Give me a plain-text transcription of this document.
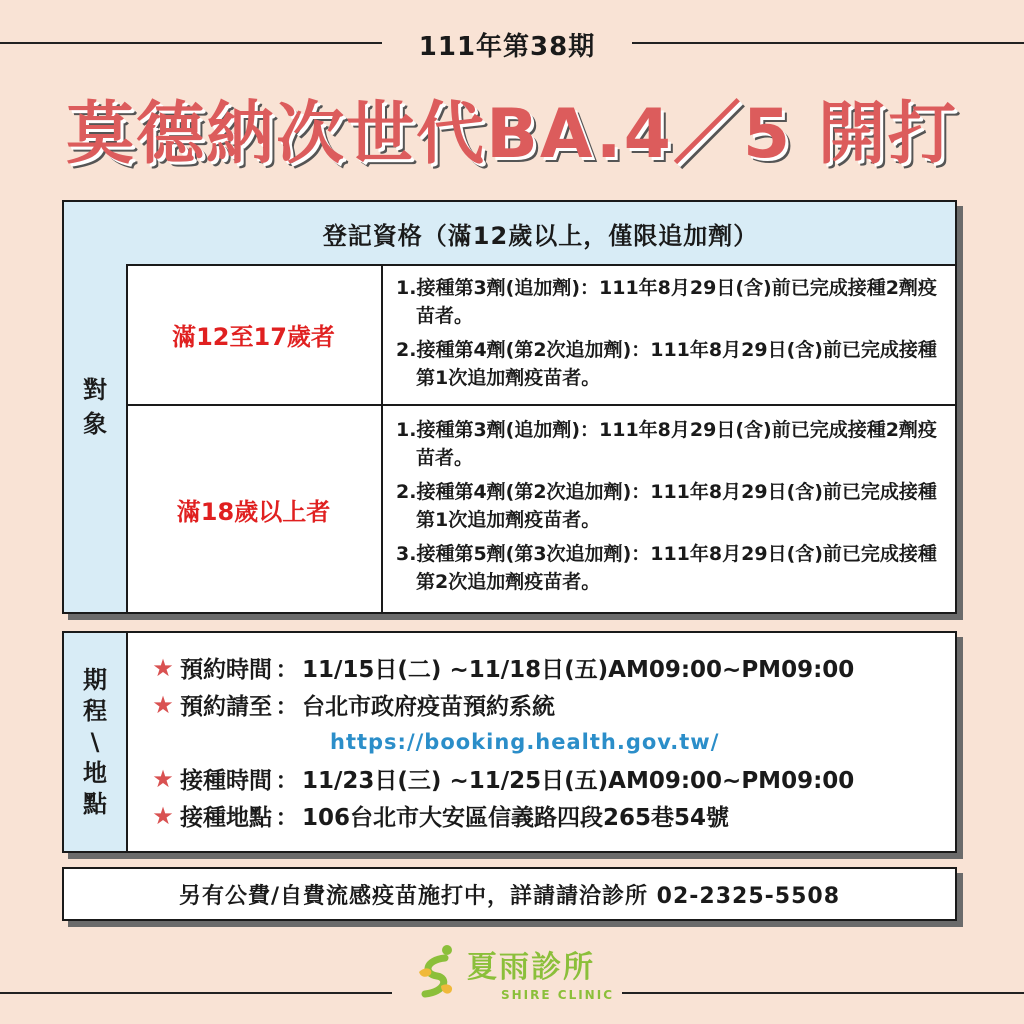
111年第38期
莫德納次世代BA.4／5 開打
對
象
登記資格（滿12歲以上，僅限追加劑）
滿12至17歲者
1.接種第3劑(追加劑)：111年8月29日(含)前已完成接種2劑疫苗者。
2.接種第4劑(第2次追加劑)：111年8月29日(含)前已完成接種第1次追加劑疫苗者。
滿18歲以上者
1.接種第3劑(追加劑)：111年8月29日(含)前已完成接種2劑疫苗者。
2.接種第4劑(第2次追加劑)：111年8月29日(含)前已完成接種第1次追加劑疫苗者。
3.接種第5劑(第3次追加劑)：111年8月29日(含)前已完成接種第2次追加劑疫苗者。
期
程
\
地
點
★ 預約時間 ： 11/15日(二) ~11/18日(五)AM09:00~PM09:00
★ 預約請至 ： 台北市政府疫苗預約系統
https://booking.health.gov.tw/
★ 接種時間 ： 11/23日(三) ~11/25日(五)AM09:00~PM09:00
★ 接種地點 ： 106台北市大安區信義路四段265巷54號
另有公費/自費流感疫苗施打中，詳請請洽診所 02-2325-5508
夏雨診所
SHIRE CLINIC
